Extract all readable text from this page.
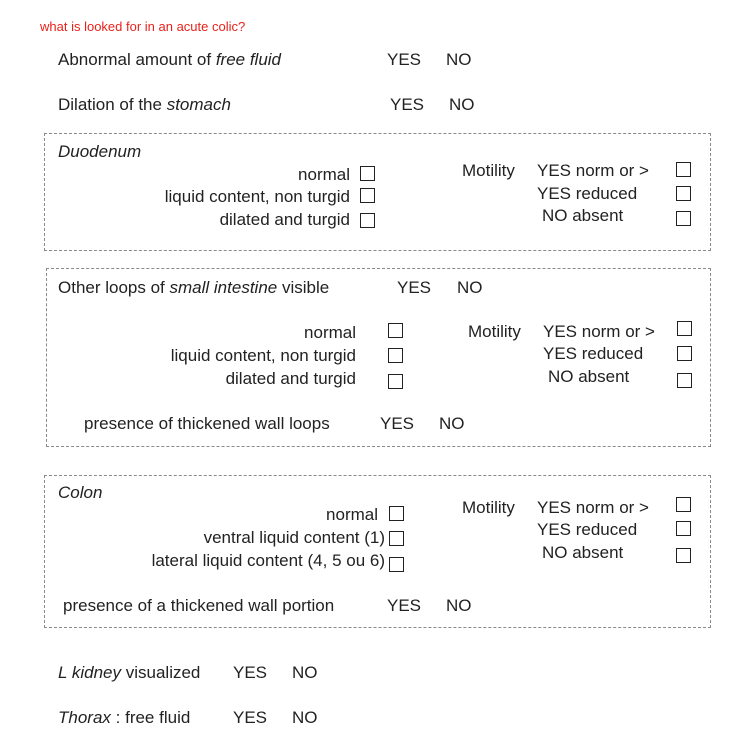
what is looked for in an acute colic?
Abnormal amount of free fluid	YES NO
Dilation of the stomach	YES NO
Duodenum
normal
liquid content, non turgid
dilated and turgid
Motility YES norm or >
YES reduced
NO absent
Other loops of small intestine visible	YES NO
normal
liquid content, non turgid
dilated and turgid
Motility YES norm or >
YES reduced
NO absent
presence of thickened wall loops	YES NO
Colon
normal
ventral liquid content (1)
lateral liquid content (4, 5 ou 6)
Motility YES norm or >
YES reduced
NO absent
presence of a thickened wall portion	YES NO
L kidney visualized YES NO
Thorax : free fluid	YES NO
